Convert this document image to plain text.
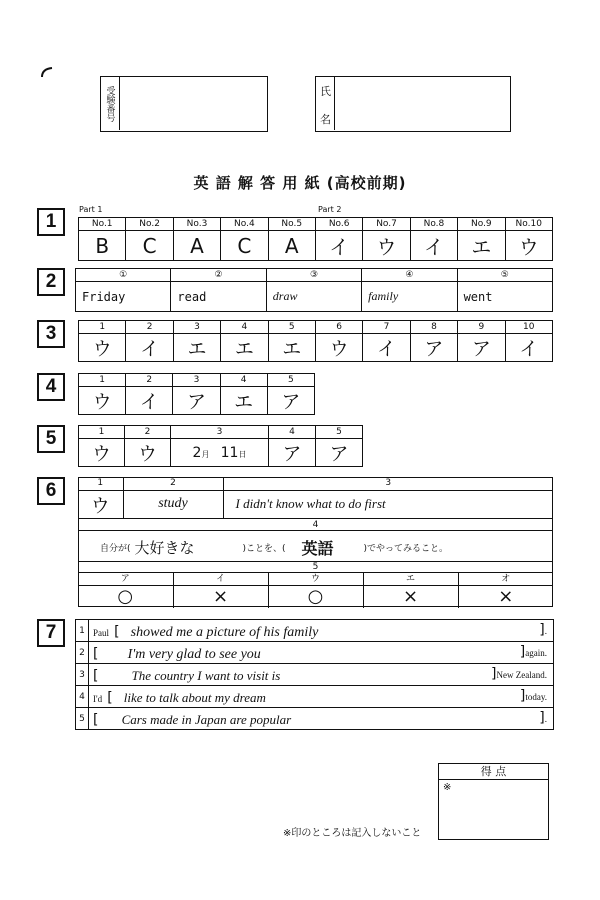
受験番号	氏
名
英 語 解 答 用 紙 (高校前期)
1
Part 1	Part 2
No.1	No.2	No.3	No.4	No.5	No.6	No.7	No.8	No.9	No.10
B	C	A	C	A	イ	ウ	イ	エ	ウ
2	①	②	③	④	⑤
Friday	read	draw	family	went
3	1	2	3	4	5	6	7	8	9	10
ウ	イ	エ	エ	エ	ウ	イ	ア	ア	イ
4	1	2	3	4	5
ウ	イ	ア	エ	ア
5	1	2	3	4	5
ウ	ウ	2月 11日	ア	ア
6	1	2	3
ウ	study	I didn't know what to do first
4
自分が( 大好きな	)ことを、(	英語	)でやってみること。
5
ア	イ	ウ	エ	オ
○	×	○	×	×
7	1	Paul [ showed me a picture of his family ].

2	[ I'm very glad to see you ]again.

3	[ The country I want to visit is ]New Zealand.

4	I'd [ like to talk about my dream ]today.

5	[ Cars made in Japan are popular ].
※印のところは記入しないこと
得 点
※
